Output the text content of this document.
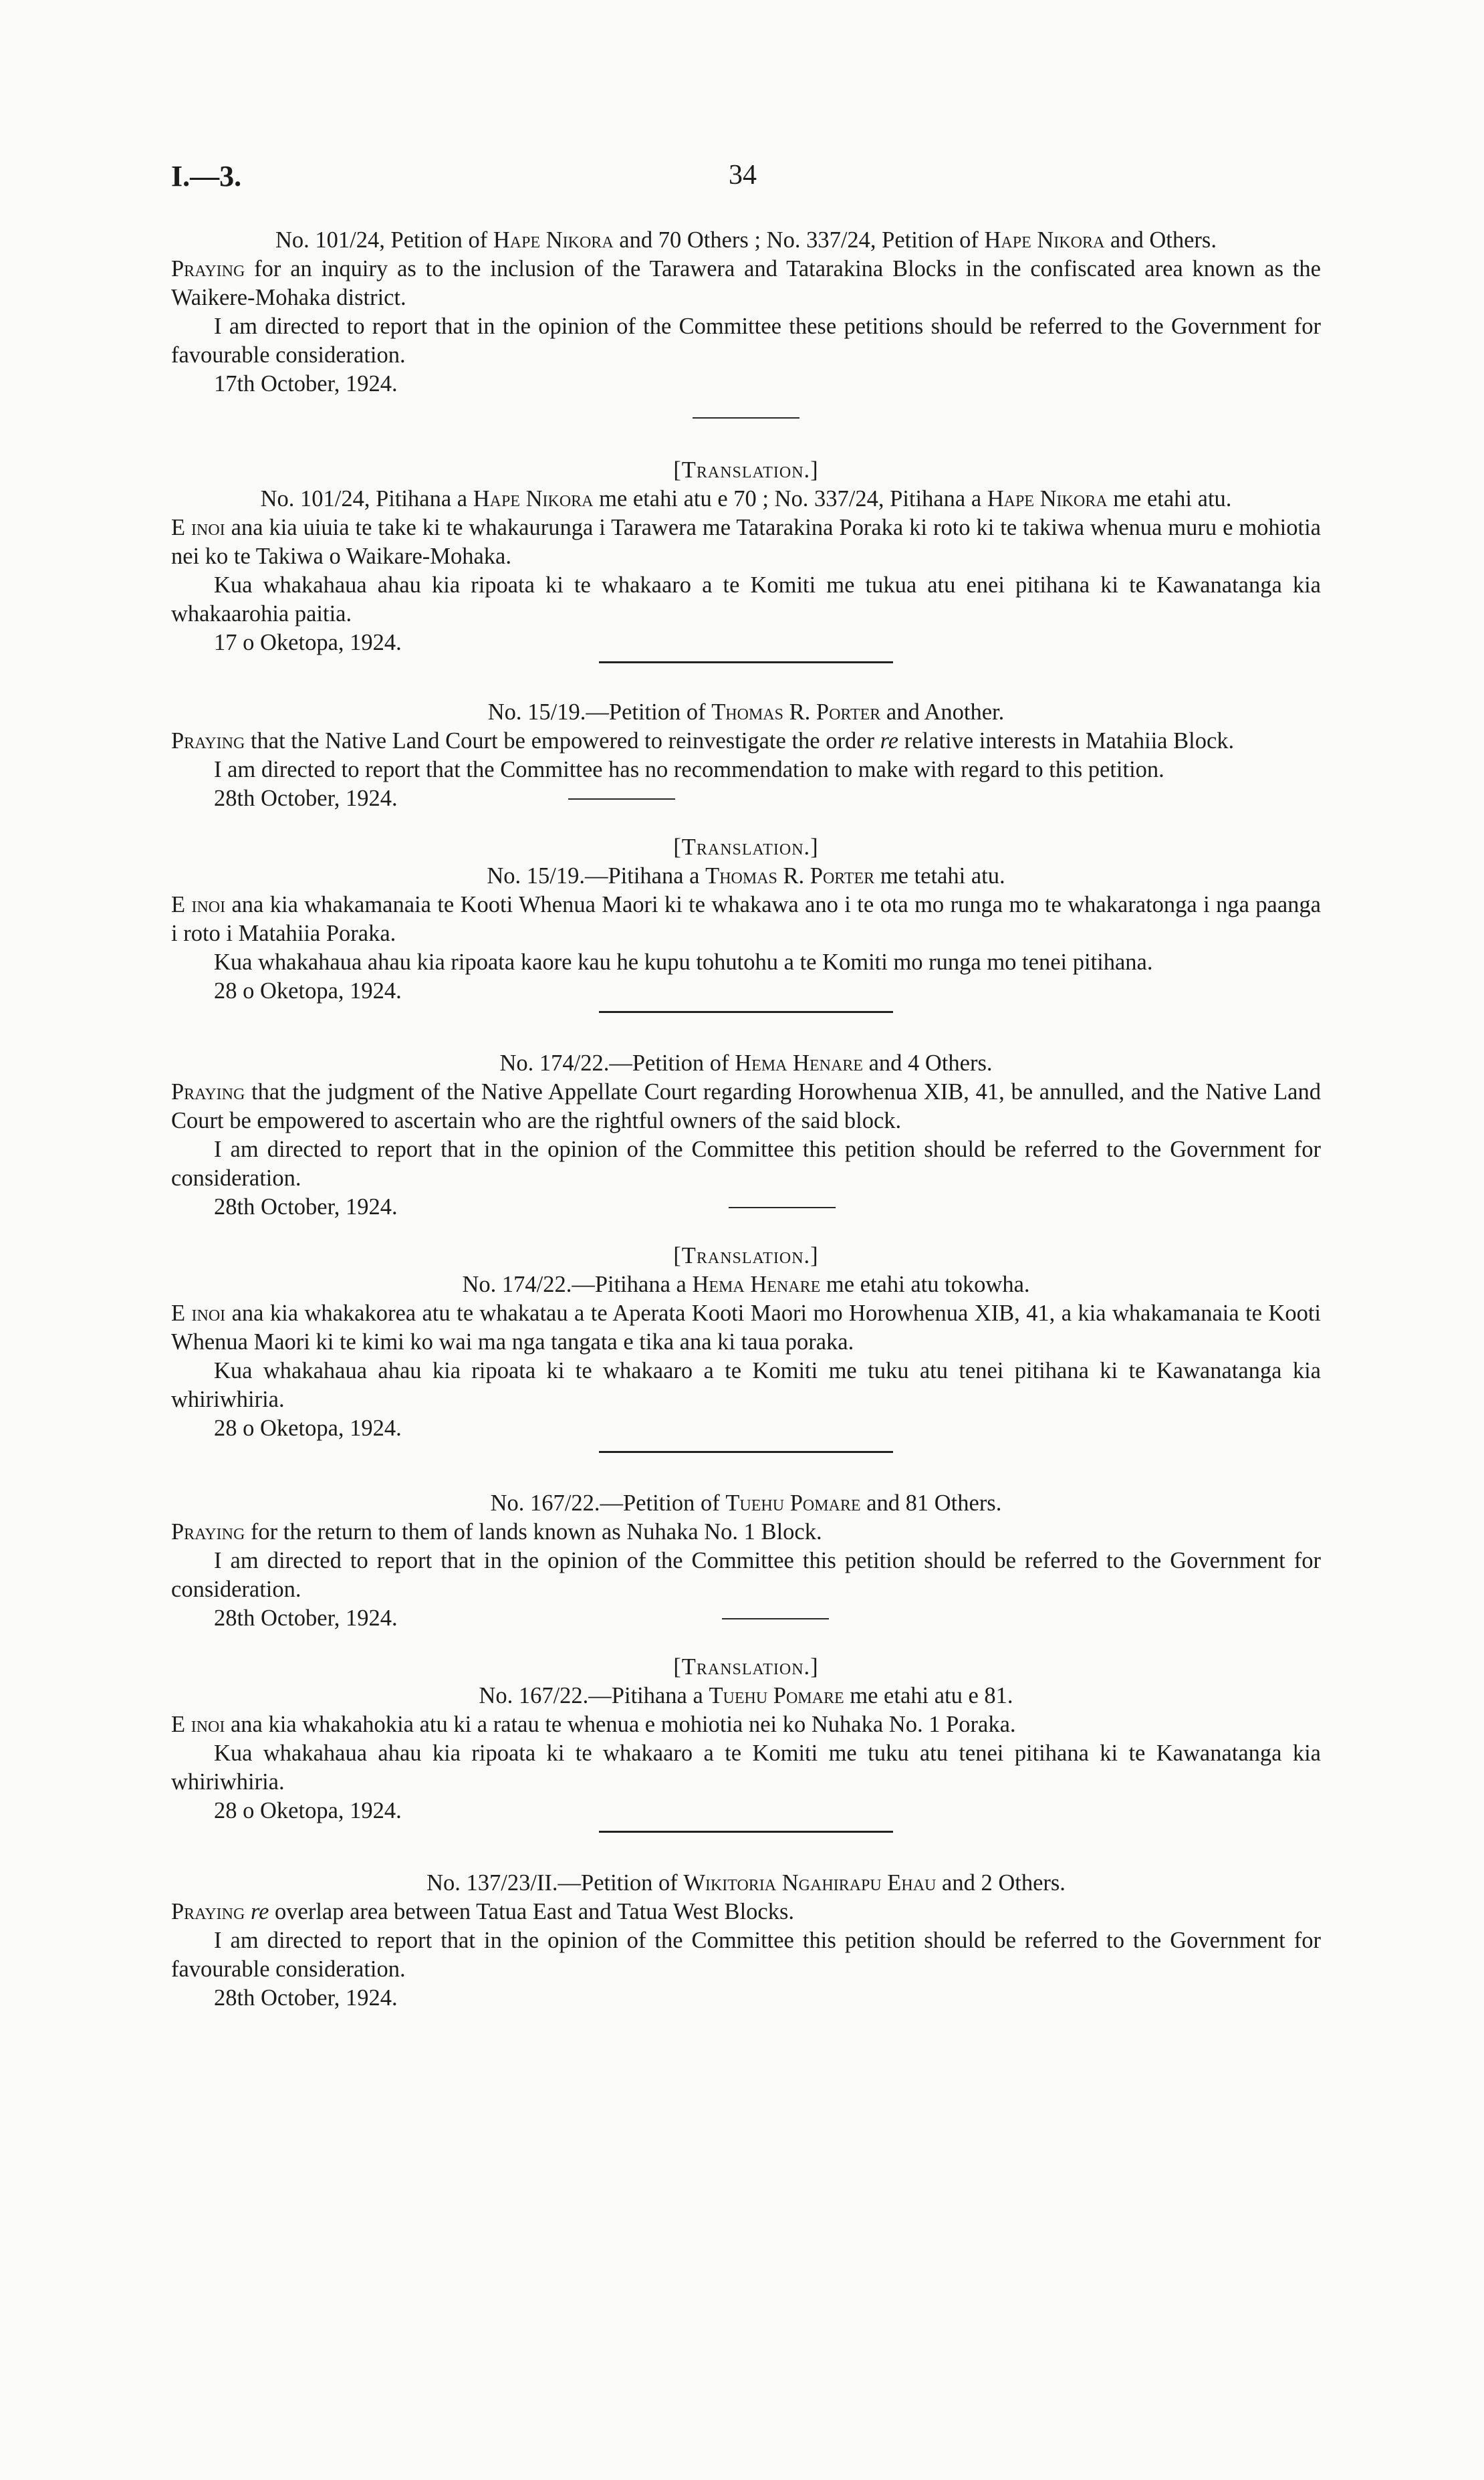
I.—3.	34

No. 101/24, Petition of Hape Nikora and 70 Others ; No. 337/24, Petition of Hape Nikora and Others.

Praying for an inquiry as to the inclusion of the Tarawera and Tatarakina Blocks in the confiscated area known as the Waikere-Mohaka district.

I am directed to report that in the opinion of the Committee these petitions should be referred to the Government for favourable consideration.

17th October, 1924.

[Translation.]

No. 101/24, Pitihana a Hape Nikora me etahi atu e 70 ; No. 337/24, Pitihana a Hape Nikora me etahi atu.

E inoi ana kia uiuia te take ki te whakaurunga i Tarawera me Tatarakina Poraka ki roto ki te takiwa whenua muru e mohiotia nei ko te Takiwa o Waikare-Mohaka.

Kua whakahaua ahau kia ripoata ki te whakaaro a te Komiti me tukua atu enei pitihana ki te Kawanatanga kia whakaarohia paitia.

17 o Oketopa, 1924.

No. 15/19.—Petition of Thomas R. Porter and Another.

Praying that the Native Land Court be empowered to reinvestigate the order re relative interests in Matahiia Block.

I am directed to report that the Committee has no recommendation to make with regard to this petition.

28th October, 1924.

[Translation.]

No. 15/19.—Pitihana a Thomas R. Porter me tetahi atu.

E inoi ana kia whakamanaia te Kooti Whenua Maori ki te whakawa ano i te ota mo runga mo te whakaratonga i nga paanga i roto i Matahiia Poraka.

Kua whakahaua ahau kia ripoata kaore kau he kupu tohutohu a te Komiti mo runga mo tenei pitihana.

28 o Oketopa, 1924.

No. 174/22.—Petition of Hema Henare and 4 Others.

Praying that the judgment of the Native Appellate Court regarding Horowhenua XIB, 41, be annulled, and the Native Land Court be empowered to ascertain who are the rightful owners of the said block.

I am directed to report that in the opinion of the Committee this petition should be referred to the Government for consideration.

28th October, 1924.

[Translation.]

No. 174/22.—Pitihana a Hema Henare me etahi atu tokowha.

E inoi ana kia whakakorea atu te whakatau a te Aperata Kooti Maori mo Horowhenua XIB, 41, a kia whakamanaia te Kooti Whenua Maori ki te kimi ko wai ma nga tangata e tika ana ki taua poraka.

Kua whakahaua ahau kia ripoata ki te whakaaro a te Komiti me tuku atu tenei pitihana ki te Kawanatanga kia whiriwhiria.

28 o Oketopa, 1924.

No. 167/22.—Petition of Tuehu Pomare and 81 Others.

Praying for the return to them of lands known as Nuhaka No. 1 Block.

I am directed to report that in the opinion of the Committee this petition should be referred to the Government for consideration.

28th October, 1924.

[Translation.]

No. 167/22.—Pitihana a Tuehu Pomare me etahi atu e 81.

E inoi ana kia whakahokia atu ki a ratau te whenua e mohiotia nei ko Nuhaka No. 1 Poraka.

Kua whakahaua ahau kia ripoata ki te whakaaro a te Komiti me tuku atu tenei pitihana ki te Kawanatanga kia whiriwhiria.

28 o Oketopa, 1924.

No. 137/23/II.—Petition of Wikitoria Ngahirapu Ehau and 2 Others.

Praying re overlap area between Tatua East and Tatua West Blocks.

I am directed to report that in the opinion of the Committee this petition should be referred to the Government for favourable consideration.

28th October, 1924.
